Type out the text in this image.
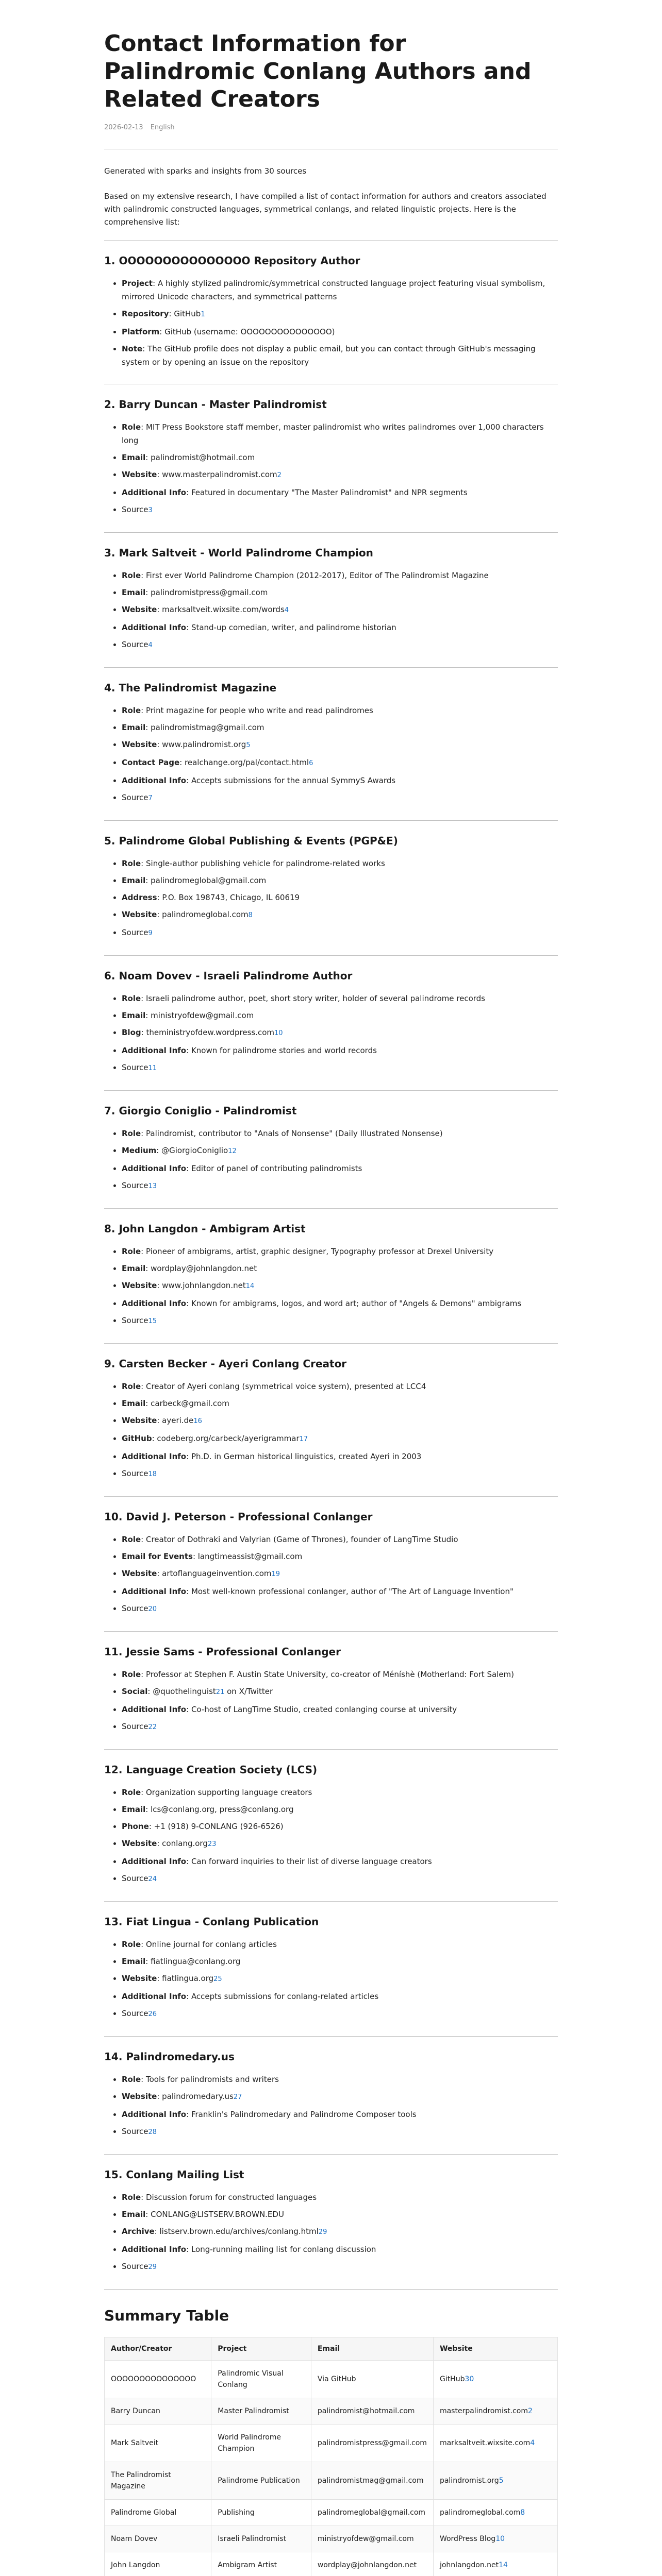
Contact Information for Palindromic Conlang Authors and Related Creators
2026-02-13 English

Generated with sparks and insights from 30 sources

Based on my extensive research, I have compiled a list of contact information for authors and creators associated with palindromic constructed languages, symmetrical conlangs, and related linguistic projects. Here is the comprehensive list:

1. OOOOOOOOOOOOOOO Repository Author
• Project: A highly stylized palindromic/symmetrical constructed language project featuring visual symbolism, mirrored Unicode characters, and symmetrical patterns
• Repository: GitHub1
• Platform: GitHub (username: OOOOOOOOOOOOOOO)
• Note: The GitHub profile does not display a public email, but you can contact through GitHub's messaging system or by opening an issue on the repository
2. Barry Duncan - Master Palindromist
• Role: MIT Press Bookstore staff member, master palindromist who writes palindromes over 1,000 characters long
• Email: palindromist@hotmail.com
• Website: www.masterpalindromist.com2
• Additional Info: Featured in documentary "The Master Palindromist" and NPR segments
• Source3
3. Mark Saltveit - World Palindrome Champion
• Role: First ever World Palindrome Champion (2012-2017), Editor of The Palindromist Magazine
• Email: palindromistpress@gmail.com
• Website: marksaltveit.wixsite.com/words4
• Additional Info: Stand-up comedian, writer, and palindrome historian
• Source4
4. The Palindromist Magazine
• Role: Print magazine for people who write and read palindromes
• Email: palindromistmag@gmail.com
• Website: www.palindromist.org5
• Contact Page: realchange.org/pal/contact.html6
• Additional Info: Accepts submissions for the annual SymmyS Awards
• Source7
5. Palindrome Global Publishing & Events (PGP&E)
• Role: Single-author publishing vehicle for palindrome-related works
• Email: palindromeglobal@gmail.com
• Address: P.O. Box 198743, Chicago, IL 60619
• Website: palindromeglobal.com8
• Source9
6. Noam Dovev - Israeli Palindrome Author
• Role: Israeli palindrome author, poet, short story writer, holder of several palindrome records
• Email: ministryofdew@gmail.com
• Blog: theministryofdew.wordpress.com10
• Additional Info: Known for palindrome stories and world records
• Source11
7. Giorgio Coniglio - Palindromist
• Role: Palindromist, contributor to "Anals of Nonsense" (Daily Illustrated Nonsense)
• Medium: @GiorgioConiglio12
• Additional Info: Editor of panel of contributing palindromists
• Source13
8. John Langdon - Ambigram Artist
• Role: Pioneer of ambigrams, artist, graphic designer, Typography professor at Drexel University
• Email: wordplay@johnlangdon.net
• Website: www.johnlangdon.net14
• Additional Info: Known for ambigrams, logos, and word art; author of "Angels & Demons" ambigrams
• Source15
9. Carsten Becker - Ayeri Conlang Creator
• Role: Creator of Ayeri conlang (symmetrical voice system), presented at LCC4
• Email: carbeck@gmail.com
• Website: ayeri.de16
• GitHub: codeberg.org/carbeck/ayerigrammar17
• Additional Info: Ph.D. in German historical linguistics, created Ayeri in 2003
• Source18
10. David J. Peterson - Professional Conlanger
• Role: Creator of Dothraki and Valyrian (Game of Thrones), founder of LangTime Studio
• Email for Events: langtimeassist@gmail.com
• Website: artoflanguageinvention.com19
• Additional Info: Most well-known professional conlanger, author of "The Art of Language Invention"
• Source20
11. Jessie Sams - Professional Conlanger
• Role: Professor at Stephen F. Austin State University, co-creator of Méníshè (Motherland: Fort Salem)
• Social: @quothelinguist21 on X/Twitter
• Additional Info: Co-host of LangTime Studio, created conlanging course at university
• Source22
12. Language Creation Society (LCS)
• Role: Organization supporting language creators
• Email: lcs@conlang.org, press@conlang.org
• Phone: +1 (918) 9-CONLANG (926-6526)
• Website: conlang.org23
• Additional Info: Can forward inquiries to their list of diverse language creators
• Source24
13. Fiat Lingua - Conlang Publication
• Role: Online journal for conlang articles
• Email: fiatlingua@conlang.org
• Website: fiatlingua.org25
• Additional Info: Accepts submissions for conlang-related articles
• Source26
14. Palindromedary.us
• Role: Tools for palindromists and writers
• Website: palindromedary.us27
• Additional Info: Franklin's Palindromedary and Palindrome Composer tools
• Source28
15. Conlang Mailing List
• Role: Discussion forum for constructed languages
• Email: CONLANG@LISTSERV.BROWN.EDU
• Archive: listserv.brown.edu/archives/conlang.html29
• Additional Info: Long-running mailing list for conlang discussion
• Source29
Summary Table
Author/Creator	Project	Email	Website
OOOOOOOOOOOOOOO	Palindromic Visual Conlang	Via GitHub	GitHub30
Barry Duncan	Master Palindromist	palindromist@hotmail.com	masterpalindromist.com2
Mark Saltveit	World Palindrome Champion	palindromistpress@gmail.com	marksaltveit.wixsite.com4
The Palindromist Magazine	Palindrome Publication	palindromistmag@gmail.com	palindromist.org5
Palindrome Global	Publishing	palindromeglobal@gmail.com	palindromeglobal.com8
Noam Dovev	Israeli Palindromist	ministryofdew@gmail.com	WordPress Blog10
John Langdon	Ambigram Artist	wordplay@johnlangdon.net	johnlangdon.net14
